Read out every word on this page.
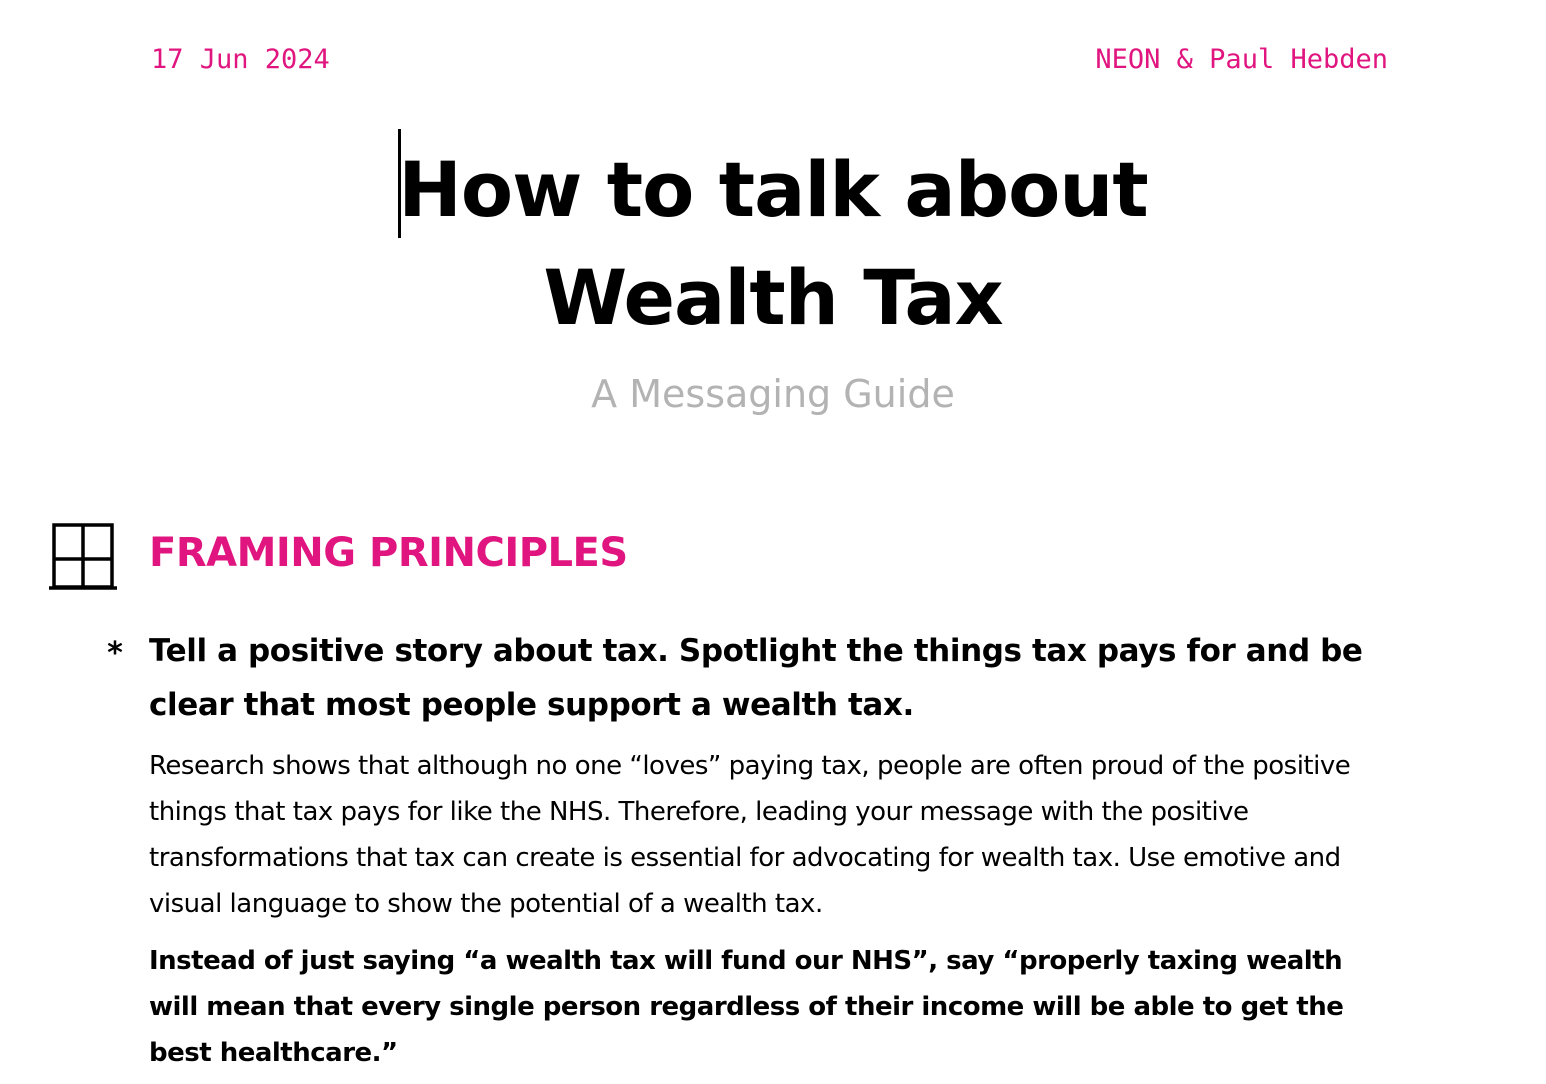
17 Jun 2024	NEON & Paul Hebden
How to talk about
Wealth Tax
A Messaging Guide
FRAMING PRINCIPLES
* Tell a positive story about tax. Spotlight the things tax pays for and be clear that most people support a wealth tax.

Research shows that although no one “loves” paying tax, people are often proud of the positive things that tax pays for like the NHS. Therefore, leading your message with the positive transformations that tax can create is essential for advocating for wealth tax. Use emotive and visual language to show the potential of a wealth tax.

Instead of just saying “a wealth tax will fund our NHS”, say “properly taxing wealth will mean that every single person regardless of their income will be able to get the best healthcare.”
